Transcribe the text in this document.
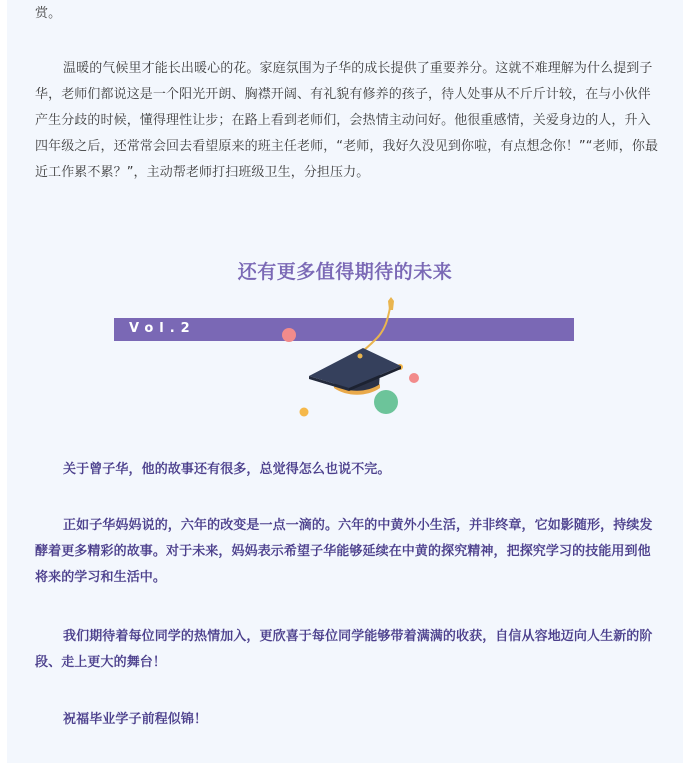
赏。

温暖的气候里才能长出暖心的花。家庭氛围为子华的成长提供了重要养分。这就不难理解为什么提到子华，老师们都说这是一个阳光开朗、胸襟开阔、有礼貌有修养的孩子，待人处事从不斤斤计较，在与小伙伴产生分歧的时候，懂得理性让步；在路上看到老师们，会热情主动问好。他很重感情，关爱身边的人，升入四年级之后，还常常会回去看望原来的班主任老师，“老师，我好久没见到你啦，有点想念你！”“老师，你最近工作累不累？”，主动帮老师打扫班级卫生，分担压力。

还有更多值得期待的未来
Vol.2

关于曾子华，他的故事还有很多，总觉得怎么也说不完。

正如子华妈妈说的，六年的改变是一点一滴的。六年的中黄外小生活，并非终章，它如影随形，持续发酵着更多精彩的故事。对于未来，妈妈表示希望子华能够延续在中黄的探究精神，把探究学习的技能用到他将来的学习和生活中。

我们期待着每位同学的热情加入，更欣喜于每位同学能够带着满满的收获，自信从容地迈向人生新的阶段、走上更大的舞台！

祝福毕业学子前程似锦！
